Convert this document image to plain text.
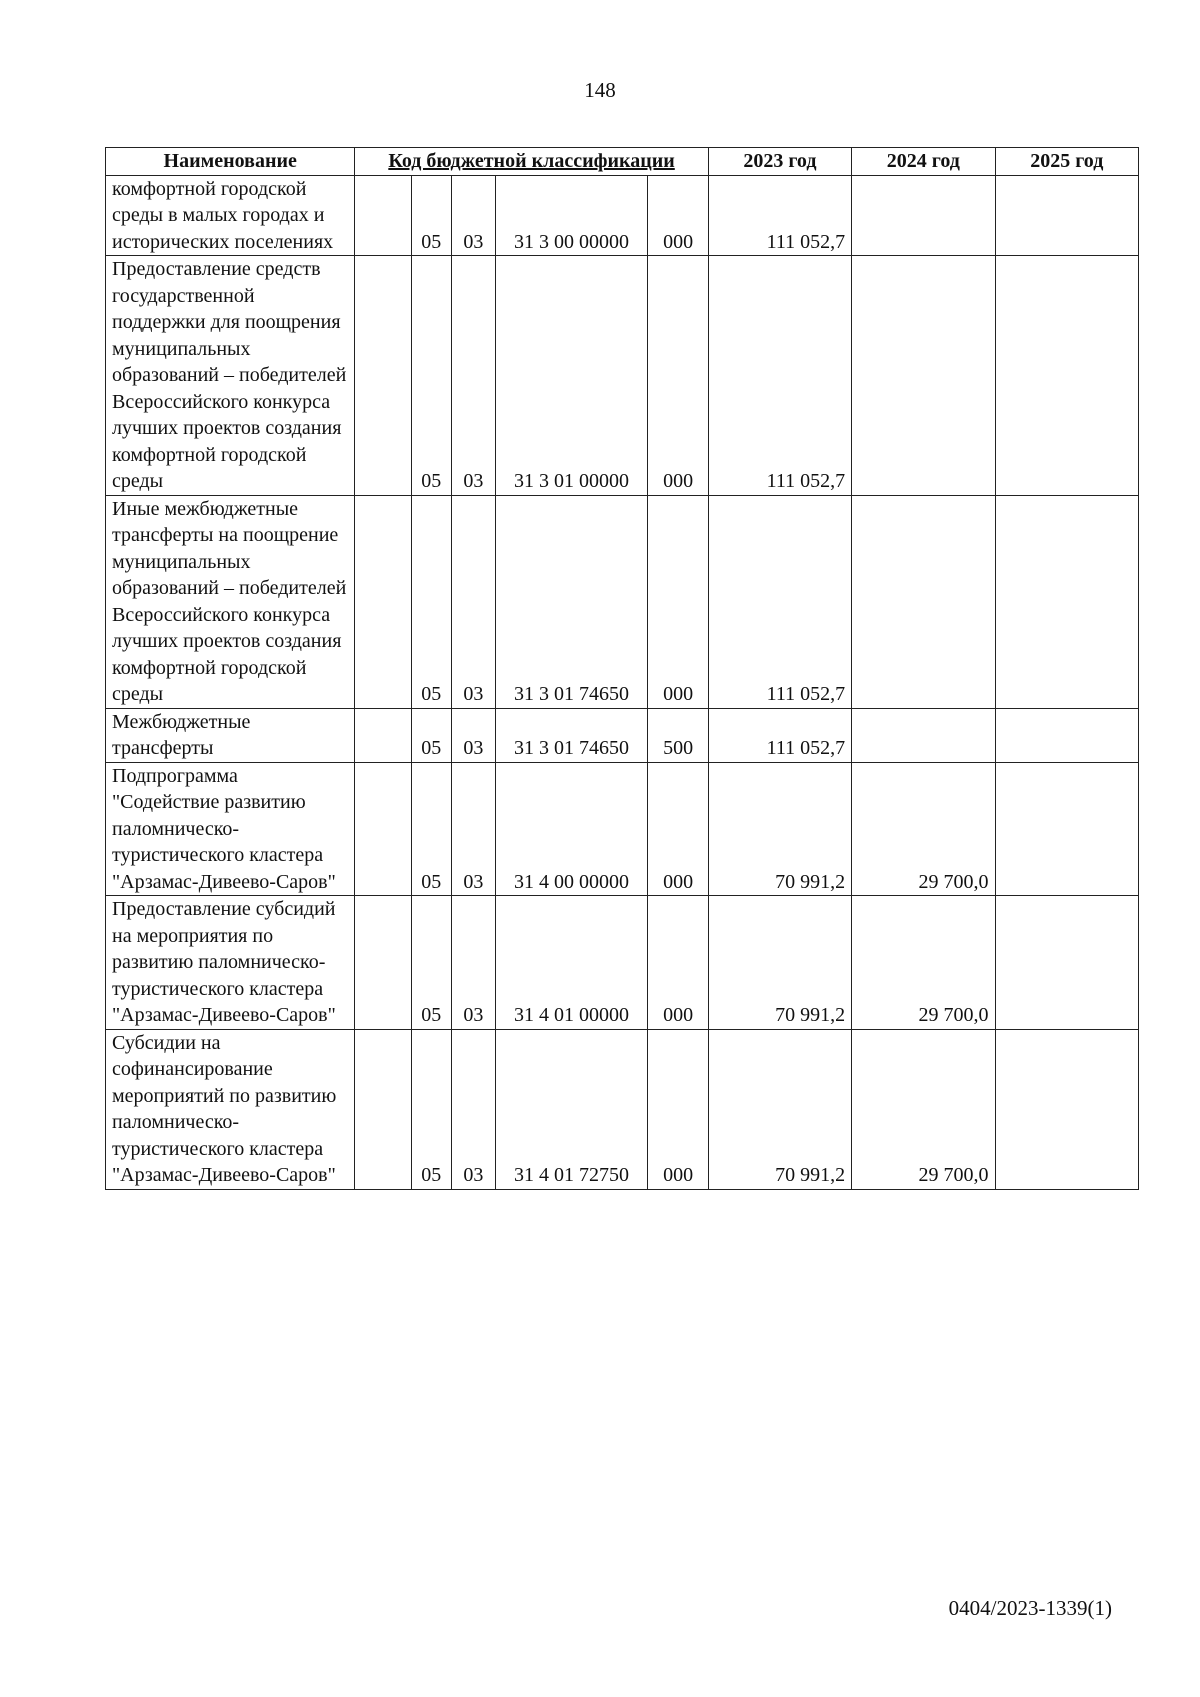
148
Наименование	Код бюджетной классификации					2023 год	2024 год	2025 год
комфортной городской среды в малых городах и исторических поселениях		05	03	31 3 00 00000	000	111 052,7		
Предоставление средств государственной поддержки для поощрения муниципальных образований – победителей Всероссийского конкурса лучших проектов создания комфортной городской среды		05	03	31 3 01 00000	000	111 052,7		
Иные межбюджетные трансферты на поощрение муниципальных образований – победителей Всероссийского конкурса лучших проектов создания комфортной городской среды		05	03	31 3 01 74650	000	111 052,7		
Межбюджетные трансферты		05	03	31 3 01 74650	500	111 052,7		
Подпрограмма "Содействие развитию паломническо-туристического кластера "Арзамас-Дивеево-Саров"		05	03	31 4 00 00000	000	70 991,2	29 700,0	
Предоставление субсидий на мероприятия по развитию паломническо-туристического кластера "Арзамас-Дивеево-Саров"		05	03	31 4 01 00000	000	70 991,2	29 700,0	
Субсидии на софинансирование мероприятий по развитию паломническо-туристического кластера "Арзамас-Дивеево-Саров"		05	03	31 4 01 72750	000	70 991,2	29 700,0	
0404/2023-1339(1)
